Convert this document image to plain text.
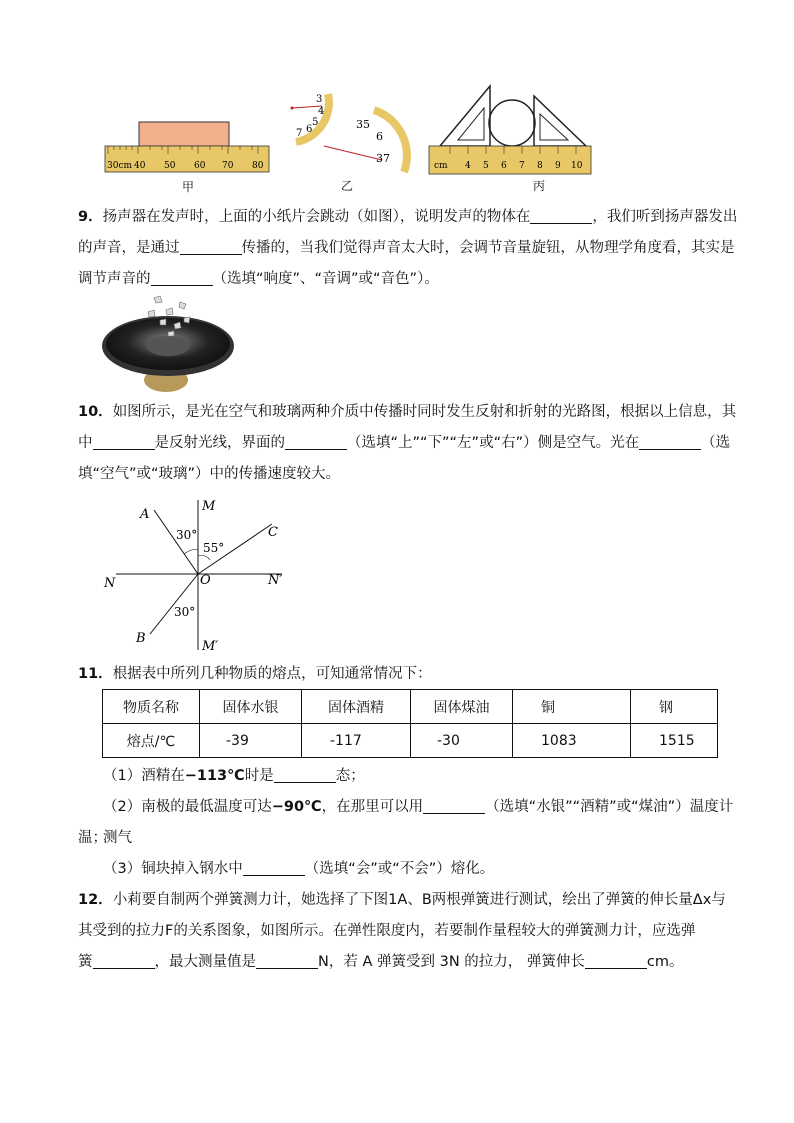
30cm 40 50 60 70 80
甲
3
4
5
6
7
35
6
37
乙
cm 4 5 6 7 8 9 10
丙
9．扬声器在发声时，上面的小纸片会跳动（如图），说明发声的物体在	，我们听到扬声器发出
的声音，是通过	传播的，当我们觉得声音太大时，会调节音量旋钮，从物理学角度看，其实是
调节声音的	（选填“响度”、“音调”或“音色”）。
10．如图所示，是光在空气和玻璃两种介质中传播时同时发生反射和折射的光路图，根据以上信息，其
中	是反射光线，界面的	（选填“上”“下”“左”或“右”）侧是空气。光在	（选
填“空气”或“玻璃”）中的传播速度较大。
A
M
C
N	O	N′
B
M′
30°
55°
30°
11．根据表中所列几种物质的熔点，可知通常情况下：
物质名称	固体水银	固体酒精	固体煤油	铜	钢
熔点/℃	-39	-117	-30	1083	1515
（1）酒精在−113℃时是	态；
（2）南极的最低温度可达−90℃，在那里可以用	（选填“水银”“酒精”或“煤油”）温度计测气
温；
（3）铜块掉入钢水中	（选填“会”或“不会”）熔化。
12．小莉要自制两个弹簧测力计，她选择了下图1A、B两根弹簧进行测试，绘出了弹簧的伸长量Δx与
其受到的拉力F的关系图象，如图所示。在弹性限度内，若要制作量程较大的弹簧测力计，应选弹
簧	，最大测量值是	N，若 A 弹簧受到 3N 的拉力， 弹簧伸长	cm。
